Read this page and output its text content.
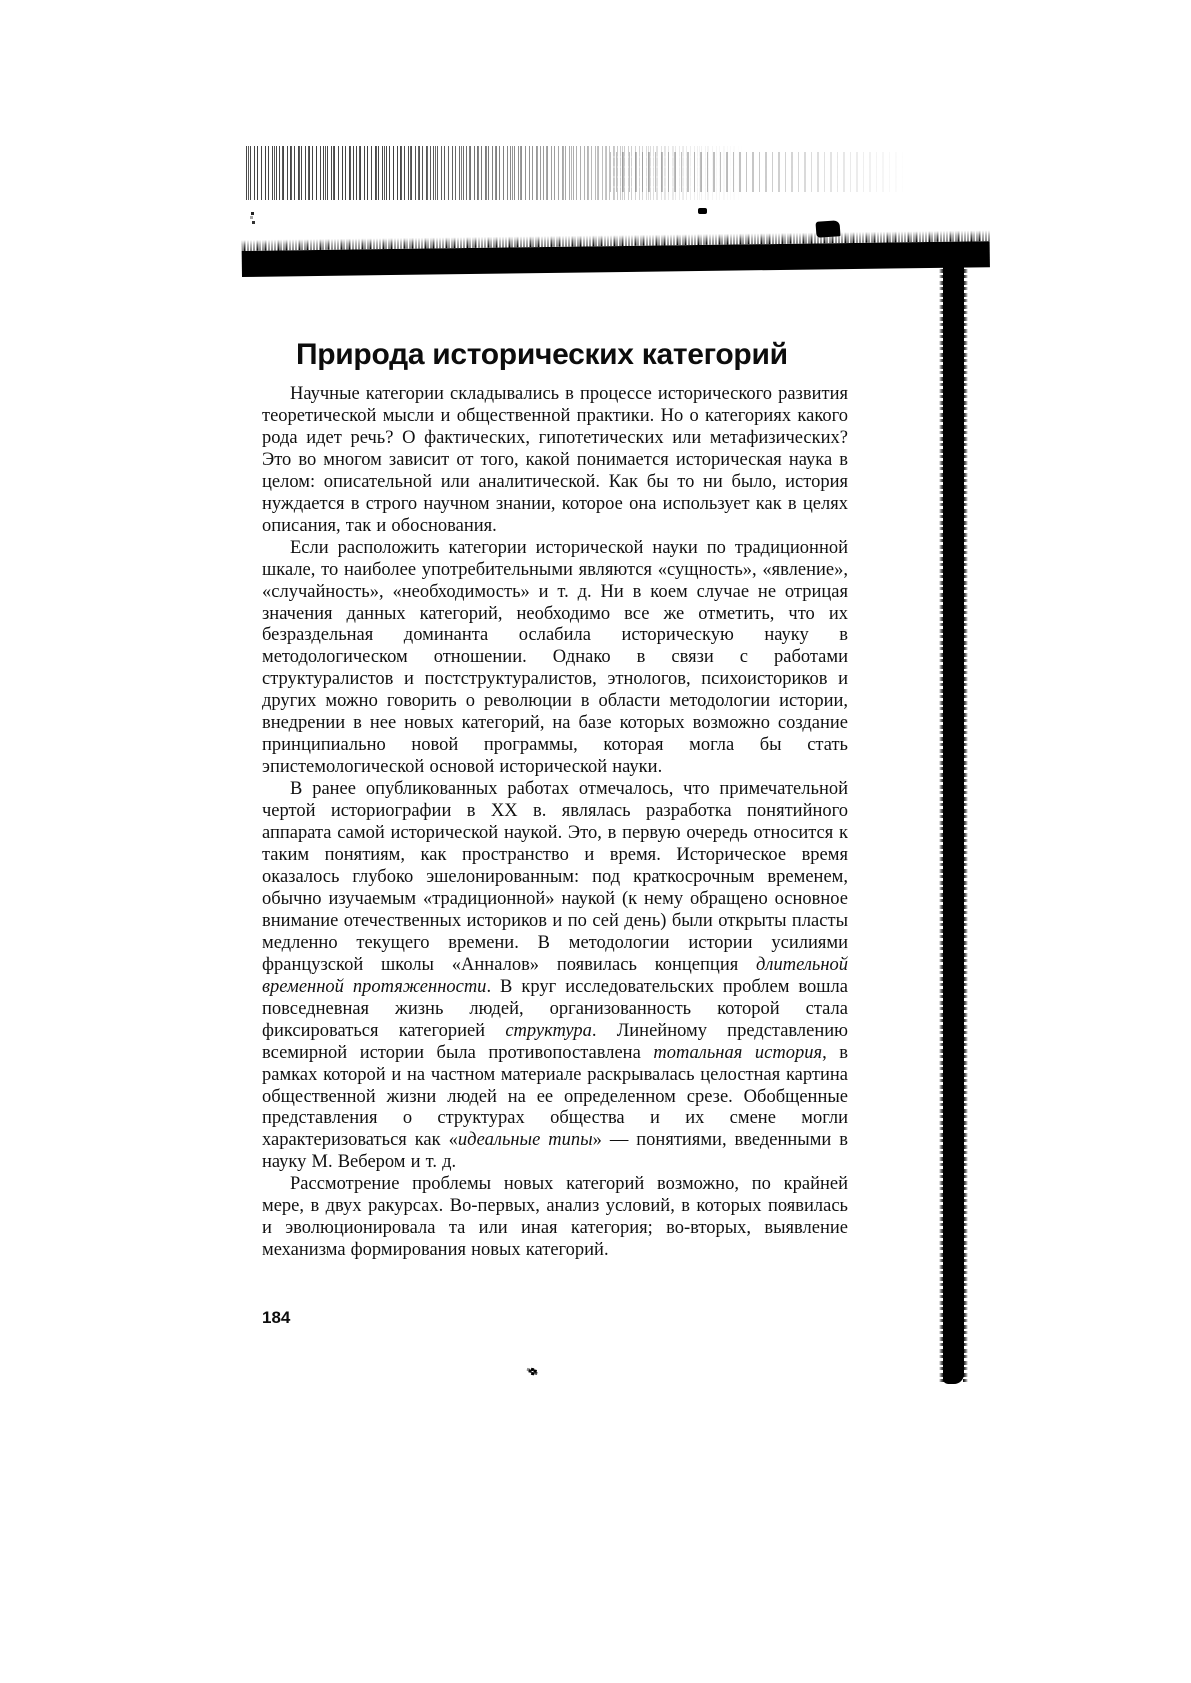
Природа исторических категорий

Научные категории складывались в процессе исторического развития теоретической мысли и общественной практики. Но о категориях какого рода идет речь? О фактических, гипотетических или метафизических? Это во многом зависит от того, какой понимается историческая наука в целом: описательной или аналитической. Как бы то ни было, история нуждается в строго научном знании, которое она использует как в целях описания, так и обоснования.

Если расположить категории исторической науки по традиционной шкале, то наиболее употребительными являются «сущность», «явление», «случайность», «необходимость» и т. д. Ни в коем случае не отрицая значения данных категорий, необходимо все же отметить, что их безраздельная доминанта ослабила историческую науку в методологическом отношении. Однако в связи с работами структуралистов и постструктуралистов, этнологов, психоисториков и других можно говорить о революции в области методологии истории, внедрении в нее новых категорий, на базе которых возможно создание принципиально новой программы, которая могла бы стать эпистемологической основой исторической науки.

В ранее опубликованных работах отмечалось, что примечательной чертой историографии в XX в. являлась разработка понятийного аппарата самой исторической наукой. Это, в первую очередь относится к таким понятиям, как пространство и время. Историческое время оказалось глубоко эшелонированным: под краткосрочным временем, обычно изучаемым «традиционной» наукой (к нему обращено основное внимание отечественных историков и по сей день) были открыты пласты медленно текущего времени. В методологии истории усилиями французской школы «Анналов» появилась концепция длительной временной протяженности. В круг исследовательских проблем вошла повседневная жизнь людей, организованность которой стала фиксироваться категорией структура. Линейному представлению всемирной истории была противопоставлена тотальная история, в рамках которой и на частном материале раскрывалась целостная картина общественной жизни людей на ее определенном срезе. Обобщенные представления о структурах общества и их смене могли характеризоваться как «идеальные типы» — понятиями, введенными в науку М. Вебером и т. д.

Рассмотрение проблемы новых категорий возможно, по крайней мере, в двух ракурсах. Во-первых, анализ условий, в которых появилась и эволюционировала та или иная категория; во-вторых, выявление механизма формирования новых категорий.

184
